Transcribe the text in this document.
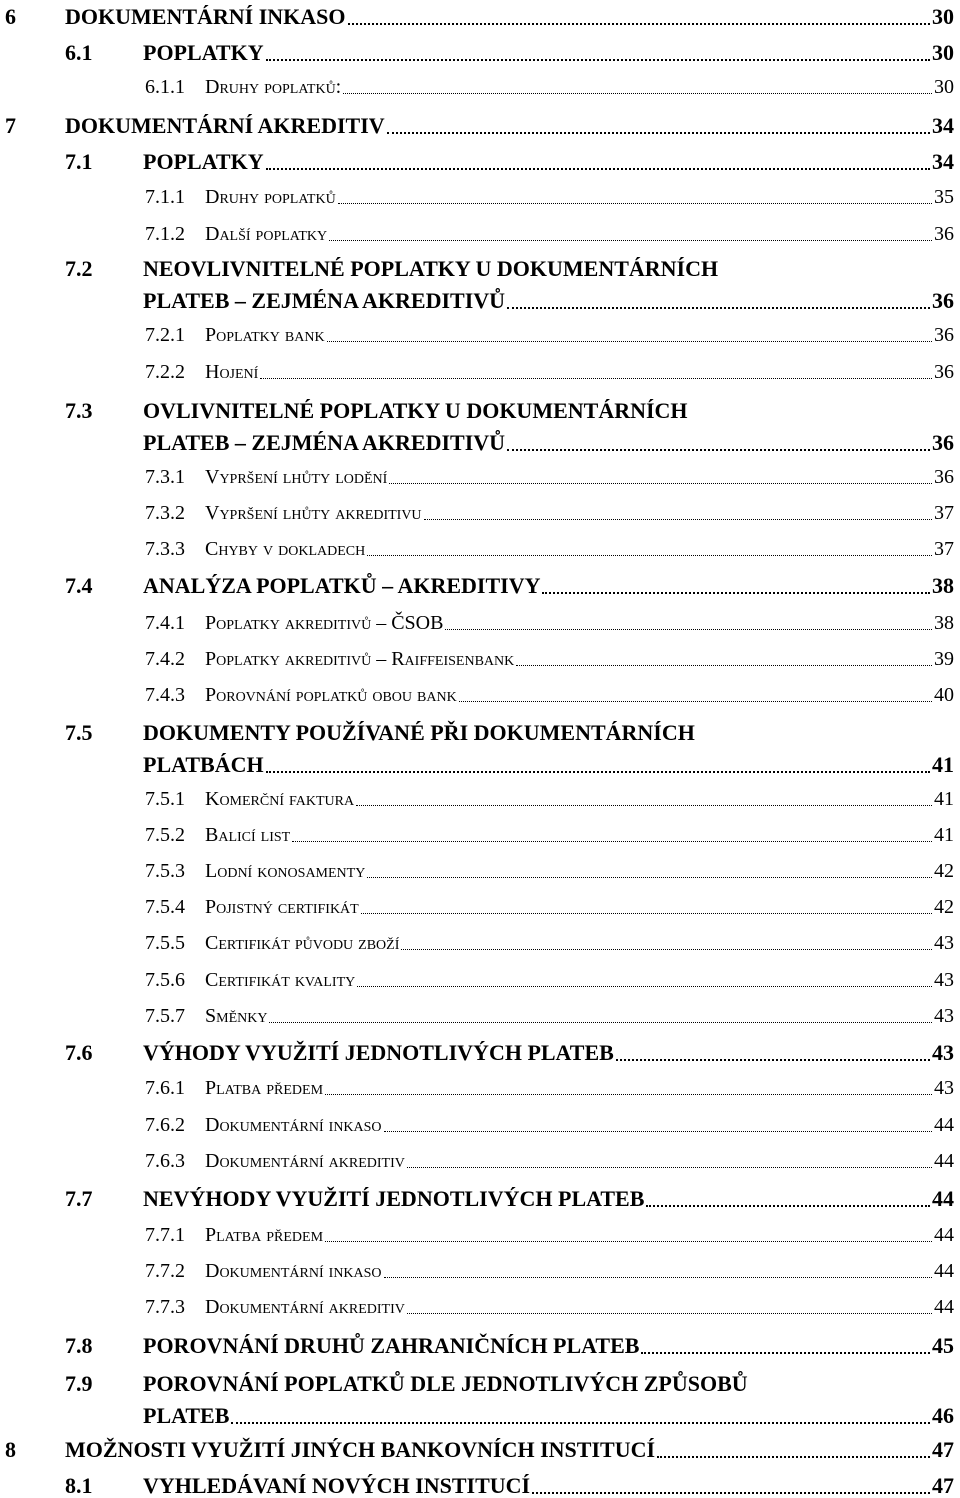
6 DOKUMENTÁRNÍ INKASO	30
6.1 POPLATKY	30
6.1.1 Druhy poplatků:	30
7 DOKUMENTÁRNÍ AKREDITIV	34
7.1 POPLATKY	34
7.1.1 Druhy poplatků	35
7.1.2 Další poplatky	36
7.2 NEOVLIVNITELNÉ POPLATKY U DOKUMENTÁRNÍCH
PLATEB – ZEJMÉNA AKREDITIVŮ	36
7.2.1 Poplatky bank	36
7.2.2 Hojení	36
7.3 OVLIVNITELNÉ POPLATKY U DOKUMENTÁRNÍCH
PLATEB – ZEJMÉNA AKREDITIVŮ	36
7.3.1 Vypršení lhůty lodění	36
7.3.2 Vypršení lhůty akreditivu	37
7.3.3 Chyby v dokladech	37
7.4 ANALÝZA POPLATKŮ – AKREDITIVY	38
7.4.1 Poplatky akreditivů – ČSOB	38
7.4.2 Poplatky akreditivů – Raiffeisenbank	39
7.4.3 Porovnání poplatků obou bank	40
7.5 DOKUMENTY POUŽÍVANÉ PŘI DOKUMENTÁRNÍCH
PLATBÁCH	41
7.5.1 Komerční faktura	41
7.5.2 Balicí list	41
7.5.3 Lodní konosamenty	42
7.5.4 Pojistný certifikát	42
7.5.5 Certifikát původu zboží	43
7.5.6 Certifikát kvality	43
7.5.7 Směnky	43
7.6 VÝHODY VYUŽITÍ JEDNOTLIVÝCH PLATEB	43
7.6.1 Platba předem	43
7.6.2 Dokumentární inkaso	44
7.6.3 Dokumentární akreditiv	44
7.7 NEVÝHODY VYUŽITÍ JEDNOTLIVÝCH PLATEB	44
7.7.1 Platba předem	44
7.7.2 Dokumentární inkaso	44
7.7.3 Dokumentární akreditiv	44
7.8 POROVNÁNÍ DRUHŮ ZAHRANIČNÍCH PLATEB	45
7.9 POROVNÁNÍ POPLATKŮ DLE JEDNOTLIVÝCH ZPŮSOBŮ
PLATEB	46
8 MOŽNOSTI VYUŽITÍ JINÝCH BANKOVNÍCH INSTITUCÍ	47
8.1 VYHLEDÁVANÍ NOVÝCH INSTITUCÍ	47
